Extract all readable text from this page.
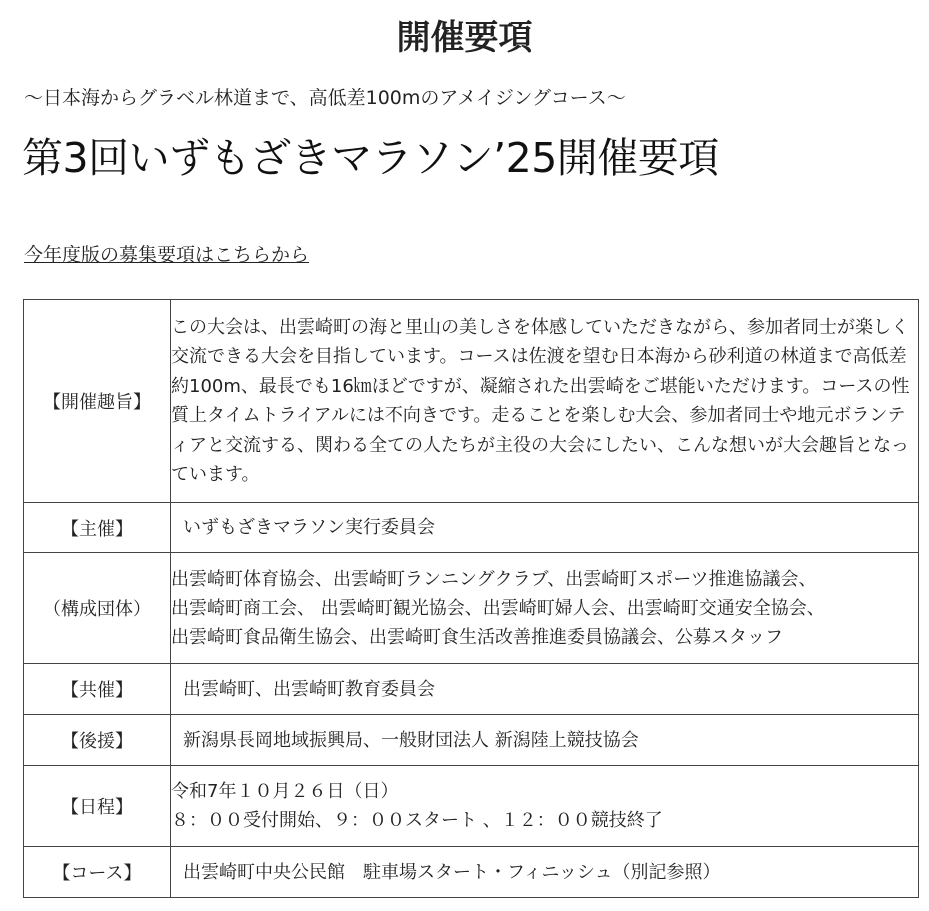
開催要項
〜日本海からグラベル林道まで、高低差100mのアメイジングコース〜
第3回いずもざきマラソン’25開催要項
今年度版の募集要項はこちらから
【開催趣旨】	この大会は、出雲崎町の海と里山の美しさを体感していただきながら、参加者同士が楽しく交流できる大会を目指しています。コースは佐渡を望む日本海から砂利道の林道まで高低差約100m、最長でも16㎞ほどですが、凝縮された出雲崎をご堪能いただけます。コースの性質上タイムトライアルには不向きです。走ることを楽しむ大会、参加者同士や地元ボランティアと交流する、関わる全ての人たちが主役の大会にしたい、こんな想いが大会趣旨となっています。

【主催】	いずもざきマラソン実行委員会

（構成団体）	出雲崎町体育協会、出雲崎町ランニングクラブ、出雲崎町スポーツ推進協議会、
出雲崎町商工会、 出雲崎町観光協会、出雲崎町婦人会、出雲崎町交通安全協会、
出雲崎町食品衛生協会、出雲崎町食生活改善推進委員協議会、公募スタッフ

【共催】	出雲崎町、出雲崎町教育委員会

【後援】	新潟県長岡地域振興局、一般財団法人 新潟陸上競技協会

【日程】	令和7年１０月２６日（日）
８：００受付開始、９：００スタート 、１２：００競技終了

【コース】	出雲崎町中央公民館　駐車場スタート・フィニッシュ（別記参照）
